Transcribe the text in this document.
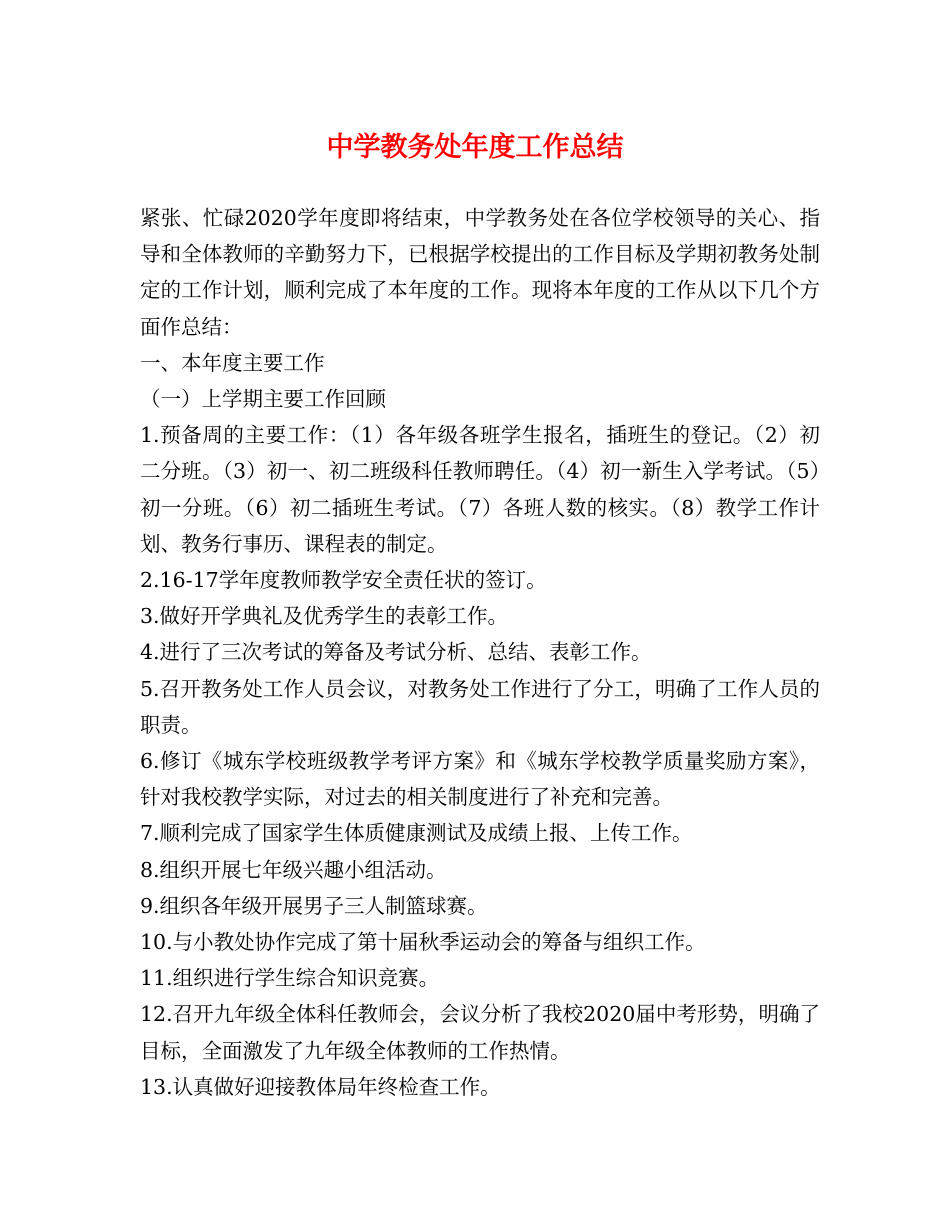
中学教务处年度工作总结

紧张、忙碌2020学年度即将结束，中学教务处在各位学校领导的关心、指导和全体教师的辛勤努力下，已根据学校提出的工作目标及学期初教务处制定的工作计划，顺利完成了本年度的工作。现将本年度的工作从以下几个方面作总结：

一、本年度主要工作

（一）上学期主要工作回顾

1.预备周的主要工作：（1）各年级各班学生报名，插班生的登记。（2）初二分班。（3）初一、初二班级科任教师聘任。（4）初一新生入学考试。（5）初一分班。（6）初二插班生考试。（7）各班人数的核实。（8）教学工作计划、教务行事历、课程表的制定。

2.16-17学年度教师教学安全责任状的签订。

3.做好开学典礼及优秀学生的表彰工作。

4.进行了三次考试的筹备及考试分析、总结、表彰工作。

5.召开教务处工作人员会议，对教务处工作进行了分工，明确了工作人员的职责。

6.修订《城东学校班级教学考评方案》和《城东学校教学质量奖励方案》，针对我校教学实际，对过去的相关制度进行了补充和完善。

7.顺利完成了国家学生体质健康测试及成绩上报、上传工作。

8.组织开展七年级兴趣小组活动。

9.组织各年级开展男子三人制篮球赛。

10.与小教处协作完成了第十届秋季运动会的筹备与组织工作。

11.组织进行学生综合知识竞赛。

12.召开九年级全体科任教师会，会议分析了我校2020届中考形势，明确了目标，全面激发了九年级全体教师的工作热情。

13.认真做好迎接教体局年终检查工作。
